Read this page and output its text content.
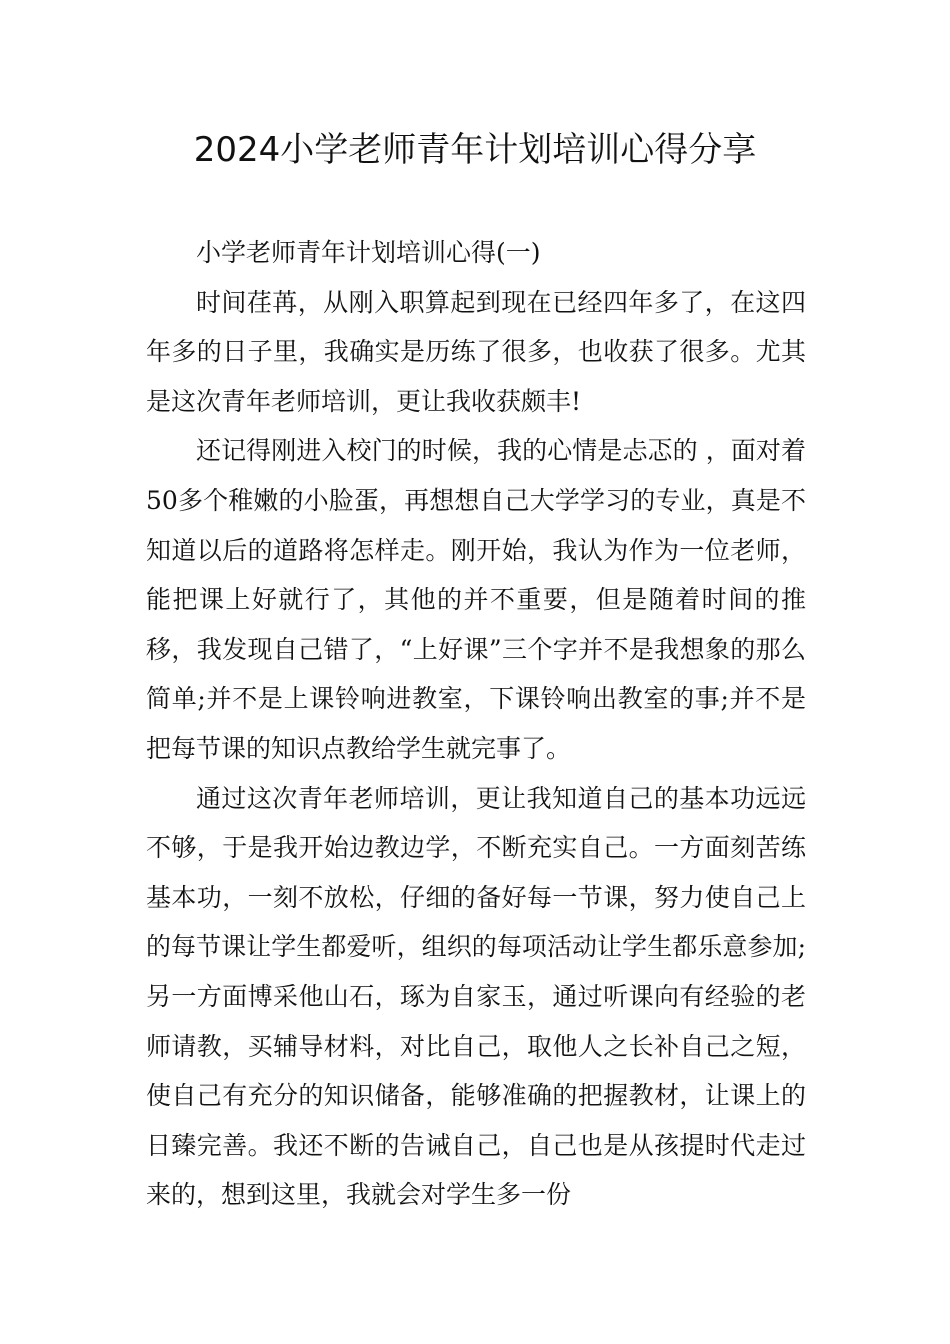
2024小学老师青年计划培训心得分享

小学老师青年计划培训心得(一)

时间荏苒，从刚入职算起到现在已经四年多了，在这四年多的日子里，我确实是历练了很多，也收获了很多。尤其是这次青年老师培训，更让我收获颇丰!

还记得刚进入校门的时候，我的心情是忐忑的 ，面对着50多个稚嫩的小脸蛋，再想想自己大学学习的专业，真是不知道以后的道路将怎样走。刚开始，我认为作为一位老师，能把课上好就行了，其他的并不重要，但是随着时间的推移，我发现自己错了，“上好课”三个字并不是我想象的那么简单;并不是上课铃响进教室，下课铃响出教室的事;并不是把每节课的知识点教给学生就完事了。

通过这次青年老师培训，更让我知道自己的基本功远远不够，于是我开始边教边学，不断充实自己。一方面刻苦练基本功，一刻不放松，仔细的备好每一节课，努力使自己上的每节课让学生都爱听，组织的每项活动让学生都乐意参加;另一方面博采他山石，琢为自家玉，通过听课向有经验的老师请教，买辅导材料，对比自己，取他人之长补自己之短，使自己有充分的知识储备，能够准确的把握教材，让课上的日臻完善。我还不断的告诫自己，自己也是从孩提时代走过来的，想到这里，我就会对学生多一份
